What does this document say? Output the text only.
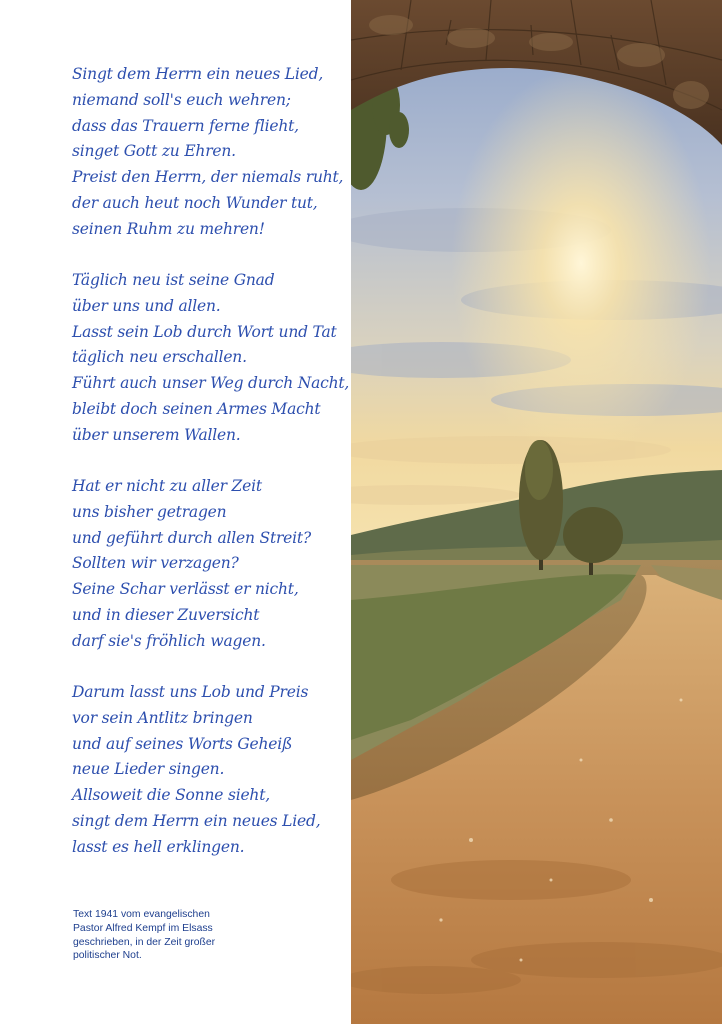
Singt dem Herrn ein neues Lied,
niemand soll's euch wehren;
dass das Trauern ferne flieht,
singet Gott zu Ehren.
Preist den Herrn, der niemals ruht,
der auch heut noch Wunder tut,
seinen Ruhm zu mehren!
Täglich neu ist seine Gnad
über uns und allen.
Lasst sein Lob durch Wort und Tat
täglich neu erschallen.
Führt auch unser Weg durch Nacht,
bleibt doch seinen Armes Macht
über unserem Wallen.
Hat er nicht zu aller Zeit
uns bisher getragen
und geführt durch allen Streit?
Sollten wir verzagen?
Seine Schar verlässt er nicht,
und in dieser Zuversicht
darf sie's fröhlich wagen.
Darum lasst uns Lob und Preis
vor sein Antlitz bringen
und auf seines Worts Geheiß
neue Lieder singen.
Allsoweit die Sonne sieht,
singt dem Herrn ein neues Lied,
lasst es hell erklingen.

Text 1941 vom evangelischen
Pastor Alfred Kempf im Elsass
geschrieben, in der Zeit großer
politischer Not.
